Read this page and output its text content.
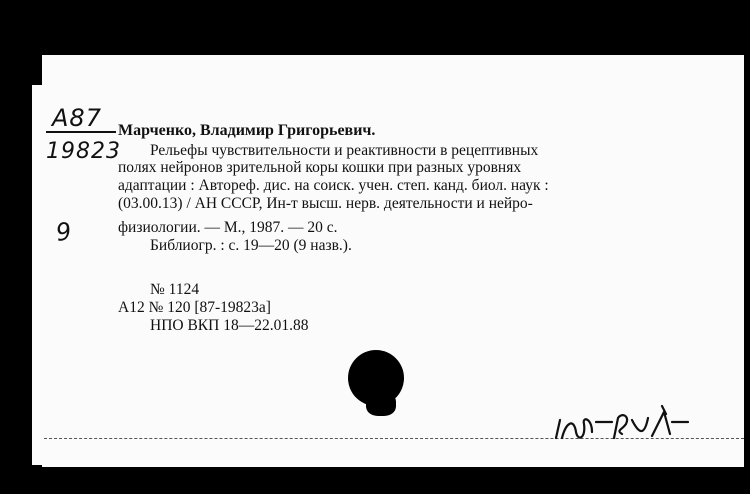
А87
19823
Марченко, Владимир Григорьевич.
Рельефы чувствительности и реактивности в рецептивных
полях нейронов зрительной коры кошки при разных уровнях
адаптации : Автореф. дис. на соиск. учен. степ. канд. биол. наук :
(03.00.13) / АН СССР, Ин-т высш. нерв. деятельности и нейро-
физиологии. — М., 1987. — 20 с.
Библиогр. : с. 19—20 (9 назв.).
9
№ 1124
А12 № 120 [87-19823а]
НПО ВКП 18—22.01.88
